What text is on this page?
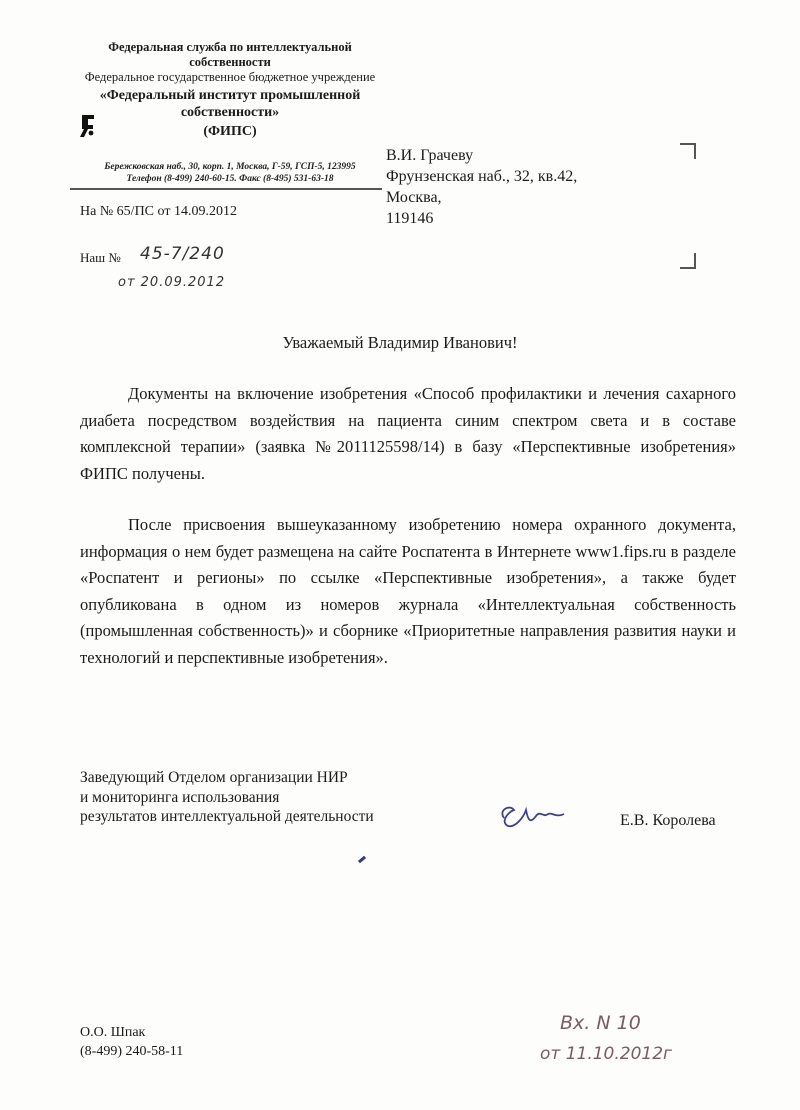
Федеральная служба по интеллектуальной собственности
Федеральное государственное бюджетное учреждение
«Федеральный институт промышленной собственности»
(ФИПС)
Бережковская наб., 30, корп. 1, Москва, Г-59, ГСП-5, 123995
Телефон (8-499) 240-60-15. Факс (8-495) 531-63-18
На № 65/ПС от 14.09.2012
Наш № 45-7/240
от 20.09.2012
В.И. Грачеву
Фрунзенская наб., 32, кв.42,
Москва,
119146
Уважаемый Владимир Иванович!
Документы на включение изобретения «Способ профилактики и лечения сахарного диабета посредством воздействия на пациента синим спектром света и в составе комплексной терапии» (заявка №2011125598/14) в базу «Перспективные изобретения» ФИПС получены.
После присвоения вышеуказанному изобретению номера охранного документа, информация о нем будет размещена на сайте Роспатента в Интернете www1.fips.ru в разделе «Роспатент и регионы» по ссылке «Перспективные изобретения», а также будет опубликована в одном из номеров журнала «Интеллектуальная собственность (промышленная собственность)» и сборнике «Приоритетные направления развития науки и технологий и перспективные изобретения».
Заведующий Отделом организации НИР
и мониторинга использования
результатов интеллектуальной деятельности	Е.В. Королева
О.О. Шпак
(8-499) 240-58-11
Вх. N 10
от 11.10.2012г
